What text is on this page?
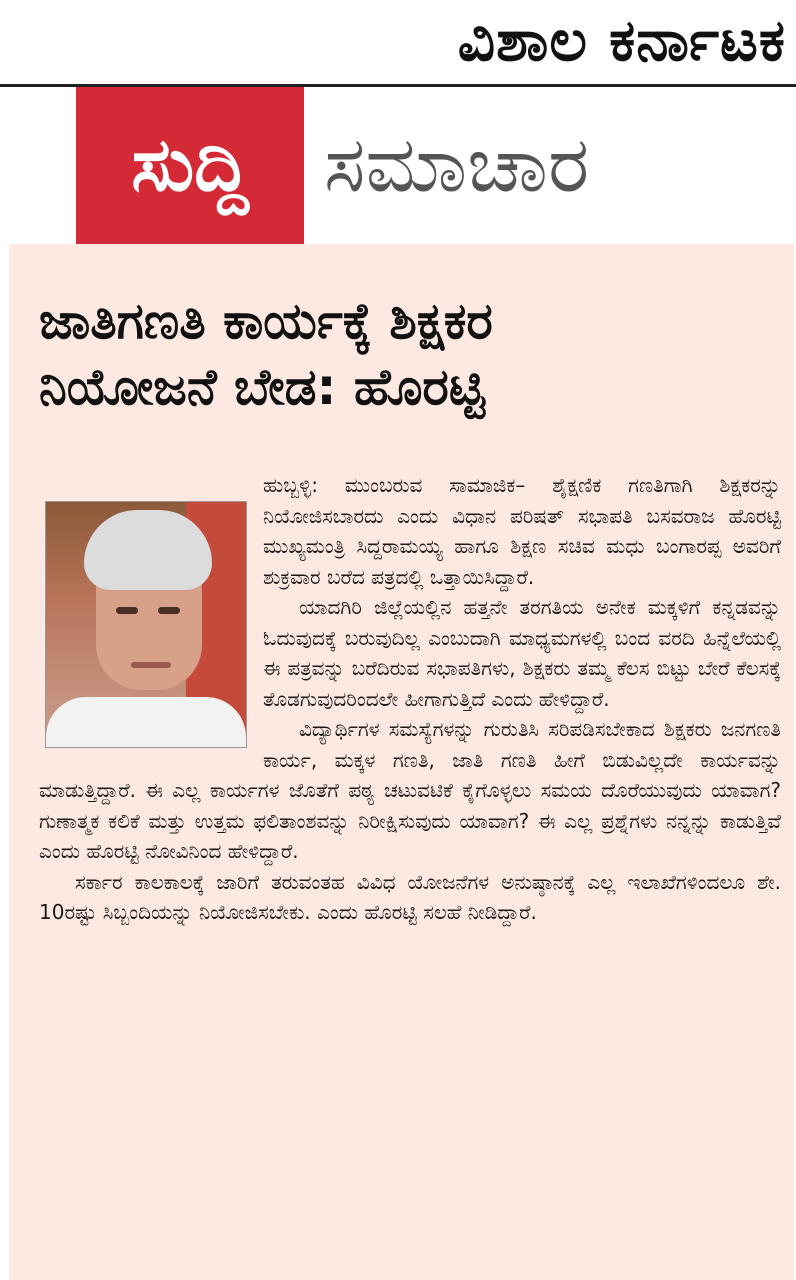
ವಿಶಾಲ ಕರ್ನಾಟಕ
ಸುದ್ದಿ ಸಮಾಚಾರ
ಜಾತಿಗಣತಿ ಕಾರ್ಯಕ್ಕೆ ಶಿಕ್ಷಕರ
ನಿಯೋಜನೆ ಬೇಡ: ಹೊರಟ್ಟಿ

ಹುಬ್ಬಳ್ಳಿ: ಮುಂಬರುವ ಸಾಮಾಜಿಕ– ಶೈಕ್ಷಣಿಕ ಗಣತಿಗಾಗಿ ಶಿಕ್ಷಕರನ್ನು ನಿಯೋಜಿಸಬಾರದು ಎಂದು ವಿಧಾನ ಪರಿಷತ್ ಸಭಾಪತಿ ಬಸವರಾಜ ಹೊರಟ್ಟಿ ಮುಖ್ಯಮಂತ್ರಿ ಸಿದ್ದರಾಮಯ್ಯ ಹಾಗೂ ಶಿಕ್ಷಣ ಸಚಿವ ಮಧು ಬಂಗಾರಪ್ಪ ಅವರಿಗೆ ಶುಕ್ರವಾರ ಬರೆದ ಪತ್ರದಲ್ಲಿ ಒತ್ತಾಯಿಸಿದ್ದಾರೆ.

ಯಾದಗಿರಿ ಜಿಲ್ಲೆಯಲ್ಲಿನ ಹತ್ತನೇ ತರಗತಿಯ ಅನೇಕ ಮಕ್ಕಳಿಗೆ ಕನ್ನಡವನ್ನು ಓದುವುದಕ್ಕೆ ಬರುವುದಿಲ್ಲ ಎಂಬುದಾಗಿ ಮಾಧ್ಯಮಗಳಲ್ಲಿ ಬಂದ ವರದಿ ಹಿನ್ನೆಲೆಯಲ್ಲಿ ಈ ಪತ್ರವನ್ನು ಬರೆದಿರುವ ಸಭಾಪತಿಗಳು, ಶಿಕ್ಷಕರು ತಮ್ಮ ಕೆಲಸ ಬಿಟ್ಟು ಬೇರೆ ಕೆಲಸಕ್ಕೆ ತೊಡಗುವುದರಿಂದಲೇ ಹೀಗಾಗುತ್ತಿದೆ ಎಂದು ಹೇಳಿದ್ದಾರೆ.

ವಿದ್ಯಾರ್ಥಿಗಳ ಸಮಸ್ಯೆಗಳನ್ನು ಗುರುತಿಸಿ ಸರಿಪಡಿಸಬೇಕಾದ ಶಿಕ್ಷಕರು ಜನಗಣತಿ ಕಾರ್ಯ, ಮಕ್ಕಳ ಗಣತಿ, ಜಾತಿ ಗಣತಿ ಹೀಗೆ ಬಿಡುವಿಲ್ಲದೇ ಕಾರ್ಯವನ್ನು ಮಾಡುತ್ತಿದ್ದಾರೆ. ಈ ಎಲ್ಲ ಕಾರ್ಯಗಳ ಜೊತೆಗೆ ಪಠ್ಯ ಚಟುವಟಿಕೆ ಕೈಗೊಳ್ಳಲು ಸಮಯ ದೊರೆಯುವುದು ಯಾವಾಗ? ಗುಣಾತ್ಮಕ ಕಲಿಕೆ ಮತ್ತು ಉತ್ತಮ ಫಲಿತಾಂಶವನ್ನು ನಿರೀಕ್ಷಿಸುವುದು ಯಾವಾಗ? ಈ ಎಲ್ಲ ಪ್ರಶ್ನೆಗಳು ನನ್ನನ್ನು ಕಾಡುತ್ತಿವೆ ಎಂದು ಹೊರಟ್ಟಿ ನೋವಿನಿಂದ ಹೇಳಿದ್ದಾರೆ.

ಸರ್ಕಾರ ಕಾಲಕಾಲಕ್ಕೆ ಜಾರಿಗೆ ತರುವಂತಹ ವಿವಿಧ ಯೋಜನೆಗಳ ಅನುಷ್ಠಾನಕ್ಕೆ ಎಲ್ಲ ಇಲಾಖೆಗಳಿಂದಲೂ ಶೇ. 10ರಷ್ಟು ಸಿಬ್ಬಂದಿಯನ್ನು ನಿಯೋಜಿಸಬೇಕು. ಎಂದು ಹೊರಟ್ಟಿ ಸಲಹೆ ನೀಡಿದ್ದಾರೆ.
